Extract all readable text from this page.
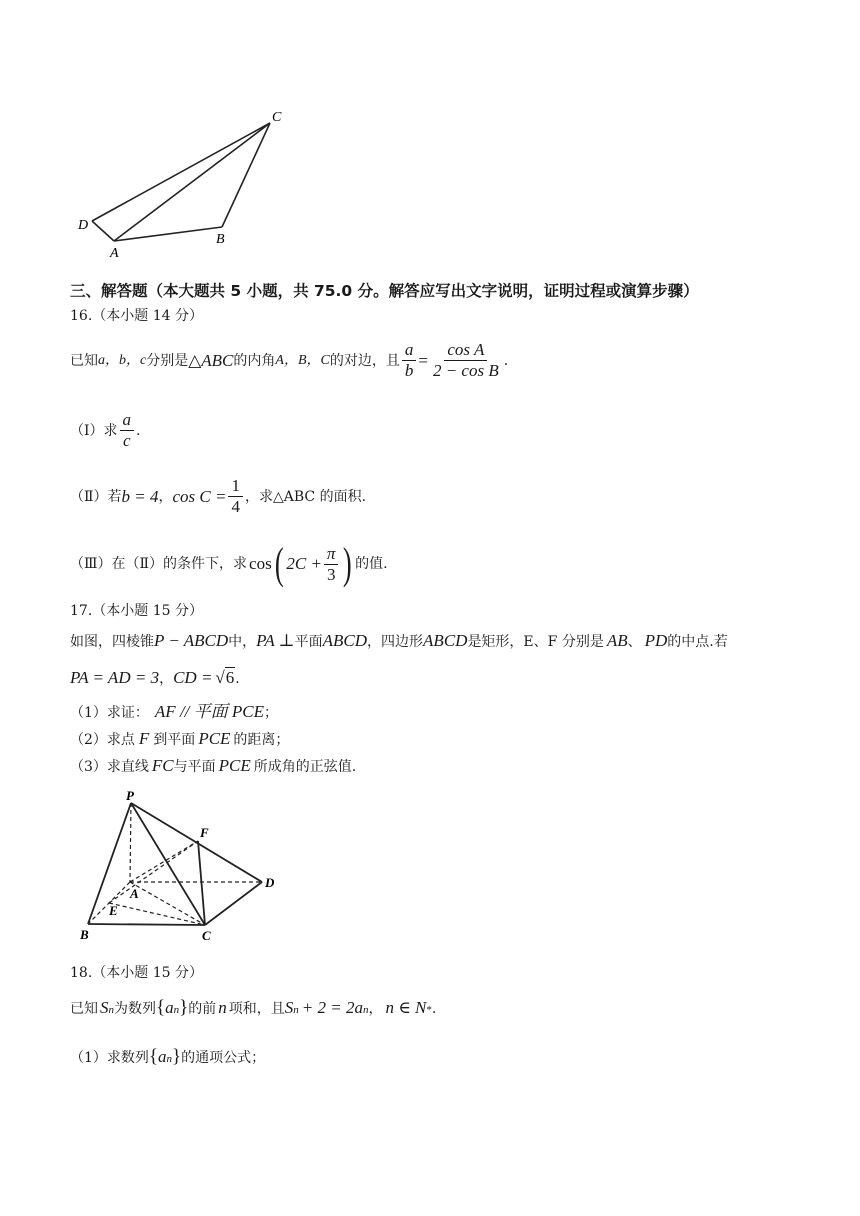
C
D
A
B
三、解答题（本大题共 5 小题，共 75.0 分。解答应写出文字说明，证明过程或演算步骤）
16.（本小题 14 分）
已知 a，b，c 分别是 △ABC 的内角 A，B，C 的对边，且 $\frac{a}{b} = \frac{\text{cos A}}{\text{2 − cos B}}$ .
（Ⅰ）求 $\frac{a}{c}$ .
（Ⅱ）若 b = 4 ， $\cos C = \frac{1}{4}$ ，求△ABC 的面积.
（Ⅲ）在（Ⅱ）的条件下，求 cos ( $2C + \frac{\pi}{3}$ ) 的值.
17.（本小题 15 分）
如图，四棱锥 P − ABCD 中， PA ⊥ 平面 ABCD ，四边形 ABCD 是矩形，E、F 分别是 AB 、 PD 的中点.若
PA = AD = 3 ， CD = √ 6 .
（1）求证： AF // 平面 PCE ；
（2）求点 F 到平面 PCE 的距离；
（3）求直线 FC 与平面 PCE 所成角的正弦值.
P
F
A
D
E
B	C
18.（本小题 15 分）
已知 S n 为数列 { a n } 的前 n 项和，且 S n + 2 = 2a n ， n ∈ N * .
（1）求数列 { a n } 的通项公式；
